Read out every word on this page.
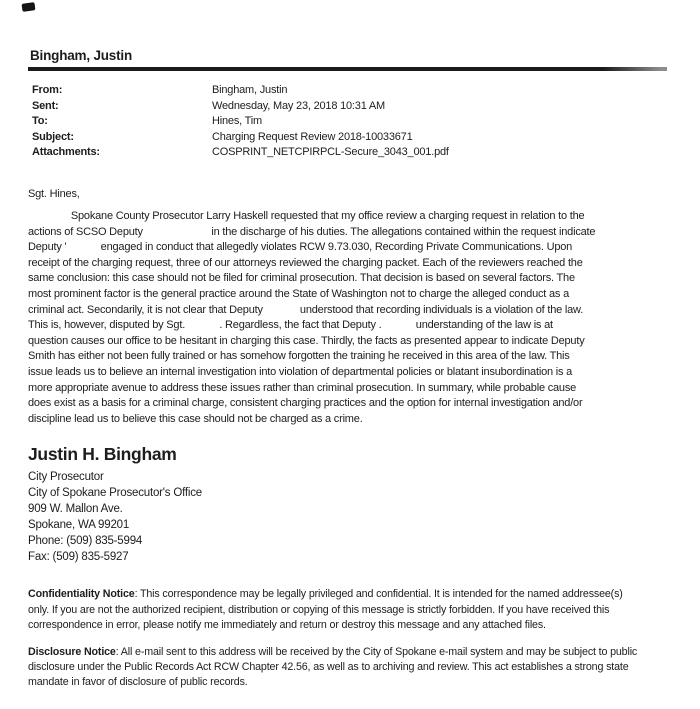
Bingham, Justin
From:	Bingham, Justin
Sent:	Wednesday, May 23, 2018 10:31 AM
To:	Hines, Tim
Subject:	Charging Request Review 2018-10033671
Attachments:	COSPRINT_NETCPIRPCL-Secure_3043_001.pdf
Sgt. Hines,
Spokane County Prosecutor Larry Haskell requested that my office review a charging request in relation to the
actions of SCSO Deputy                        in the discharge of his duties. The allegations contained within the request indicate
Deputy '            engaged in conduct that allegedly violates RCW 9.73.030, Recording Private Communications. Upon
receipt of the charging request, three of our attorneys reviewed the charging packet. Each of the reviewers reached the
same conclusion: this case should not be filed for criminal prosecution. That decision is based on several factors. The
most prominent factor is the general practice around the State of Washington not to charge the alleged conduct as a
criminal act. Secondarily, it is not clear that Deputy             understood that recording individuals is a violation of the law.
This is, however, disputed by Sgt.            . Regardless, the fact that Deputy .            understanding of the law is at
question causes our office to be hesitant in charging this case. Thirdly, the facts as presented appear to indicate Deputy
Smith has either not been fully trained or has somehow forgotten the training he received in this area of the law. This
issue leads us to believe an internal investigation into violation of departmental policies or blatant insubordination is a
more appropriate avenue to address these issues rather than criminal prosecution. In summary, while probable cause
does exist as a basis for a criminal charge, consistent charging practices and the option for internal investigation and/or
discipline lead us to believe this case should not be charged as a crime.
Justin H. Bingham
City Prosecutor
City of Spokane Prosecutor's Office
909 W. Mallon Ave.
Spokane, WA 99201
Phone: (509) 835-5994
Fax: (509) 835-5927
Confidentiality Notice: This correspondence may be legally privileged and confidential. It is intended for the named addressee(s)
only. If you are not the authorized recipient, distribution or copying of this message is strictly forbidden. If you have received this
correspondence in error, please notify me immediately and return or destroy this message and any attached files.
Disclosure Notice: All e-mail sent to this address will be received by the City of Spokane e-mail system and may be subject to public
disclosure under the Public Records Act RCW Chapter 42.56, as well as to archiving and review. This act establishes a strong state
mandate in favor of disclosure of public records.
